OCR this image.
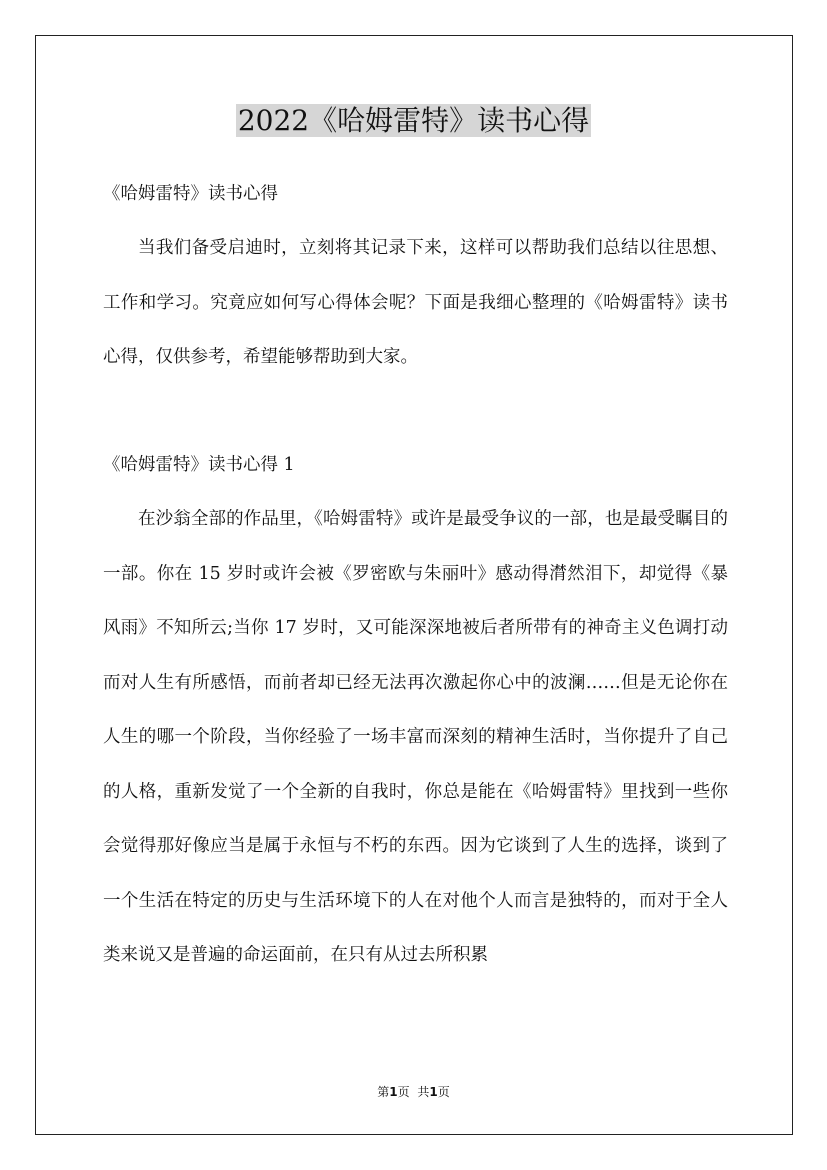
2022《哈姆雷特》读书心得

《哈姆雷特》读书心得

当我们备受启迪时，立刻将其记录下来，这样可以帮助我们总结以往思想、工作和学习。究竟应如何写心得体会呢？下面是我细心整理的《哈姆雷特》读书心得，仅供参考，希望能够帮助到大家。

《哈姆雷特》读书心得 1

在沙翁全部的作品里，《哈姆雷特》或许是最受争议的一部，也是最受瞩目的一部。你在 15 岁时或许会被《罗密欧与朱丽叶》感动得潸然泪下，却觉得《暴风雨》不知所云;当你 17 岁时，又可能深深地被后者所带有的神奇主义色调打动而对人生有所感悟，而前者却已经无法再次激起你心中的波澜……但是无论你在人生的哪一个阶段，当你经验了一场丰富而深刻的精神生活时，当你提升了自己的人格，重新发觉了一个全新的自我时，你总是能在《哈姆雷特》里找到一些你会觉得那好像应当是属于永恒与不朽的东西。因为它谈到了人生的选择，谈到了一个生活在特定的历史与生活环境下的人在对他个人而言是独特的，而对于全人类来说又是普遍的命运面前，在只有从过去所积累

第1页 共1页
